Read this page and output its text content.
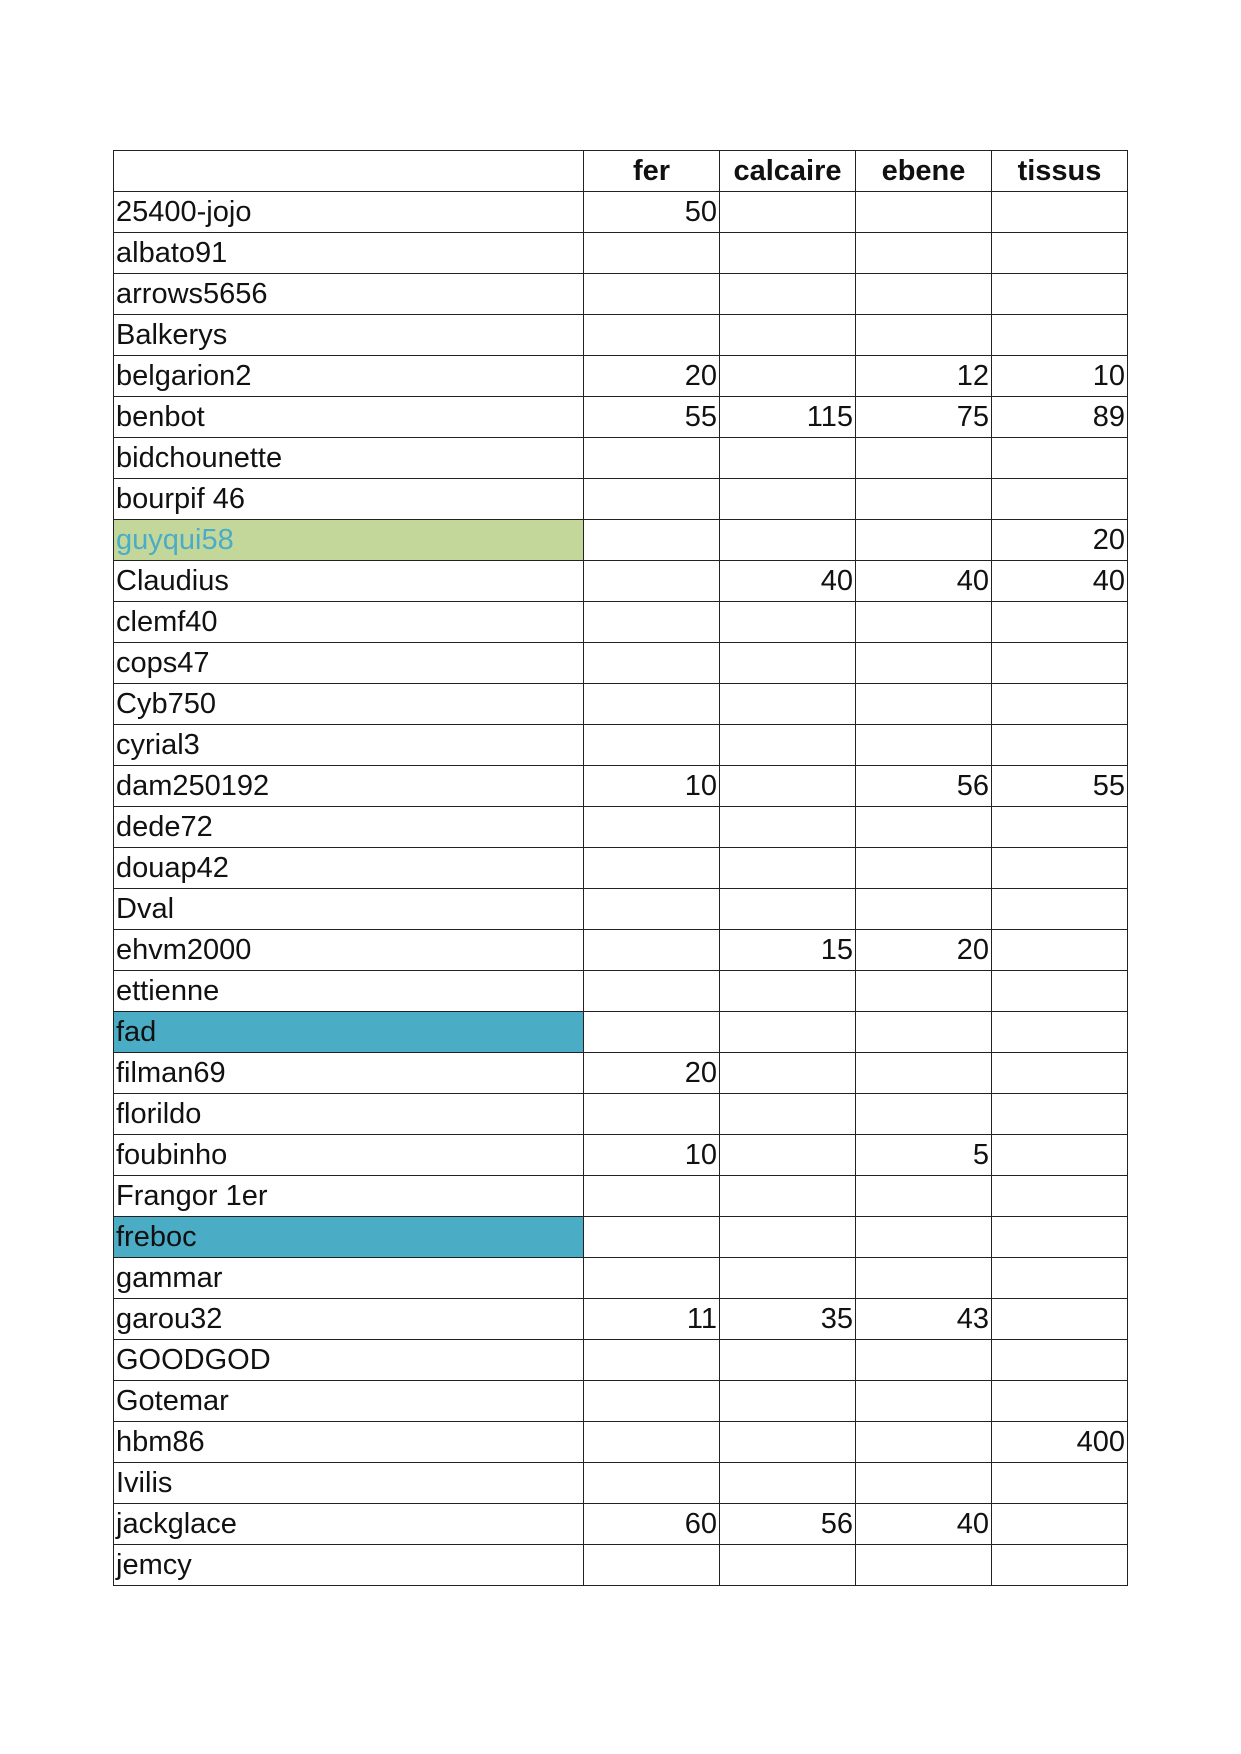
	fer	calcaire	ebene	tissus
25400-jojo	50			
albato91				
arrows5656				
Balkerys				
belgarion2	20		12	10
benbot	55	115	75	89
bidchounette				
bourpif 46				
guyqui58				20
Claudius		40	40	40
clemf40				
cops47				
Cyb750				
cyrial3				
dam250192	10		56	55
dede72				
douap42				
Dval				
ehvm2000		15	20	
ettienne				
fad				
filman69	20			
florildo				
foubinho	10		5	
Frangor 1er				
freboc				
gammar				
garou32	11	35	43	
GOODGOD				
Gotemar				
hbm86				400
Ivilis				
jackglace	60	56	40	
jemcy				
